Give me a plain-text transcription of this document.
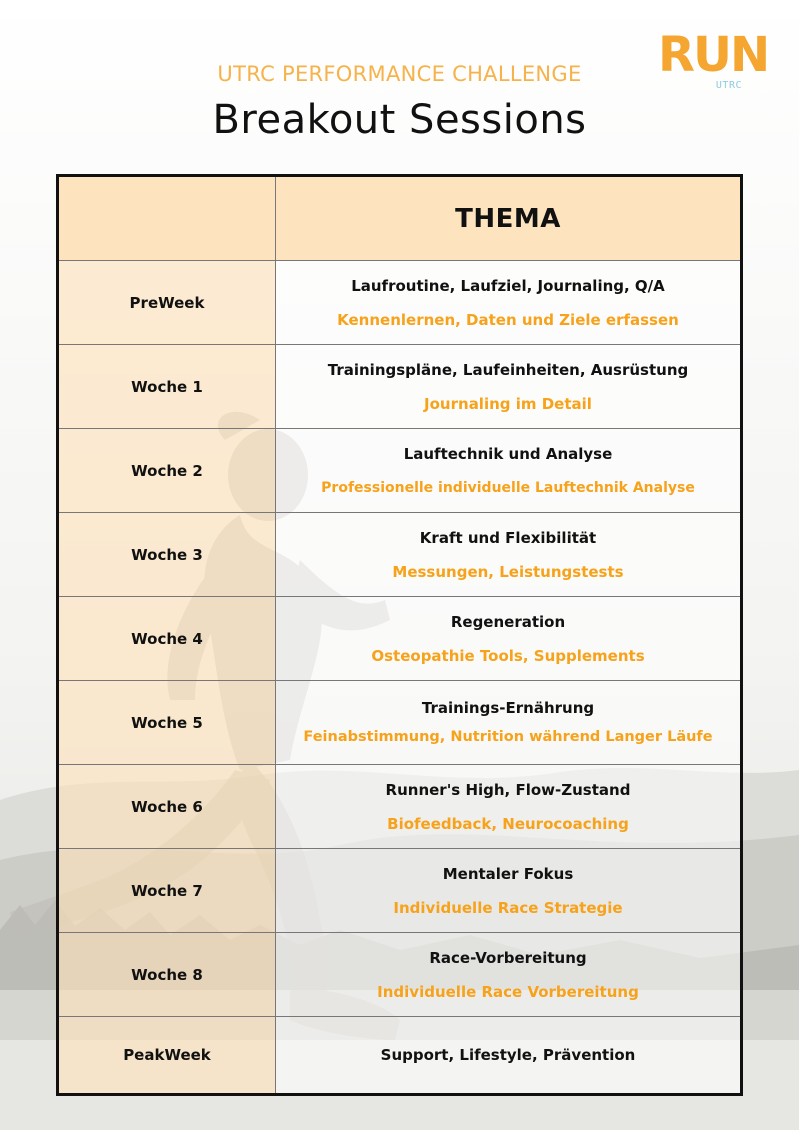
RUN
UTRC
UTRC PERFORMANCE CHALLENGE
Breakout Sessions
THEMA
PreWeek
Laufroutine, Laufziel, Journaling, Q/A
Kennenlernen, Daten und Ziele erfassen
Woche 1
Trainingspläne, Laufeinheiten, Ausrüstung
Journaling im Detail
Woche 2
Lauftechnik und Analyse
Professionelle individuelle Lauftechnik Analyse
Woche 3
Kraft und Flexibilität
Messungen, Leistungstests
Woche 4
Regeneration
Osteopathie Tools, Supplements
Woche 5
Trainings-Ernährung
Feinabstimmung, Nutrition während Langer Läufe
Woche 6
Runner's High, Flow-Zustand
Biofeedback, Neurocoaching
Woche 7
Mentaler Fokus
Individuelle Race Strategie
Woche 8
Race-Vorbereitung
Individuelle Race Vorbereitung
PeakWeek	Support, Lifestyle, Prävention
